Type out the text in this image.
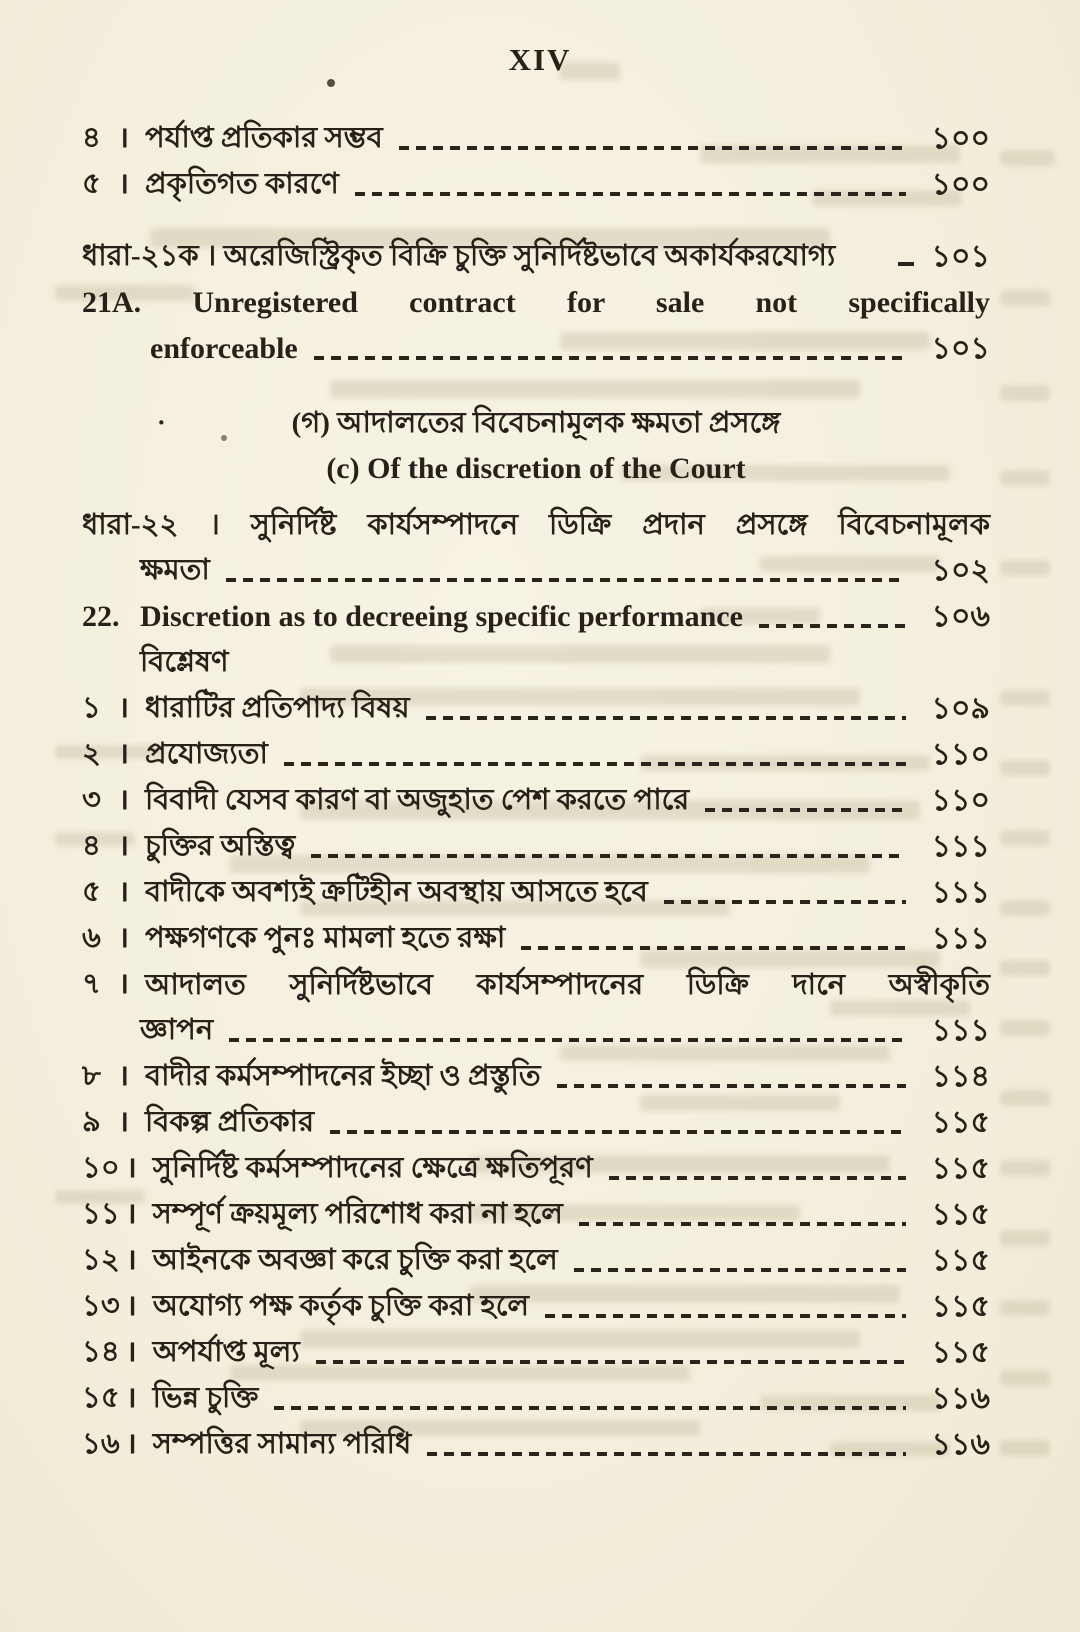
XIV
৪ । পর্যাপ্ত প্রতিকার সম্ভব	১০০
৫ । প্রকৃতিগত কারণে	১০০
ধারা-২১ক । অরেজিস্ট্রিকৃত বিক্রি চুক্তি সুনির্দিষ্টভাবে অকার্যকরযোগ্য	১০১
21A. Unregistered contract for sale not specifically
enforceable	১০১
·	(গ) আদালতের বিবেচনামূলক ক্ষমতা প্রসঙ্গে
(c) Of the discretion of the Court
ধারা-২২ । সুনির্দিষ্ট কার্যসম্পাদনে ডিক্রি প্রদান প্রসঙ্গে বিবেচনামূলক
ক্ষমতা	১০২
22. Discretion as to decreeing specific performance	১০৬
বিশ্লেষণ
১ । ধারাটির প্রতিপাদ্য বিষয়	১০৯
২ । প্রযোজ্যতা	১১০
৩ । বিবাদী যেসব কারণ বা অজুহাত পেশ করতে পারে	১১০
৪ । চুক্তির অস্তিত্ব	১১১
৫ । বাদীকে অবশ্যই ক্রটিহীন অবস্থায় আসতে হবে	১১১
৬ । পক্ষগণকে পুনঃ মামলা হতে রক্ষা	১১১
৭ । আদালত সুনির্দিষ্টভাবে কার্যসম্পাদনের ডিক্রি দানে অস্বীকৃতি
জ্ঞাপন	১১১
৮ । বাদীর কর্মসম্পাদনের ইচ্ছা ও প্রস্তুতি	১১৪
৯ । বিকল্প প্রতিকার	১১৫
১০ । সুনির্দিষ্ট কর্মসম্পাদনের ক্ষেত্রে ক্ষতিপূরণ	১১৫
১১ । সম্পূর্ণ ক্রয়মূল্য পরিশোধ করা না হলে	১১৫
১২ । আইনকে অবজ্ঞা করে চুক্তি করা হলে	১১৫
১৩ । অযোগ্য পক্ষ কর্তৃক চুক্তি করা হলে	১১৫
১৪ । অপর্যাপ্ত মূল্য	১১৫
১৫ । ভিন্ন চুক্তি	১১৬
১৬ । সম্পত্তির সামান্য পরিধি	১১৬
